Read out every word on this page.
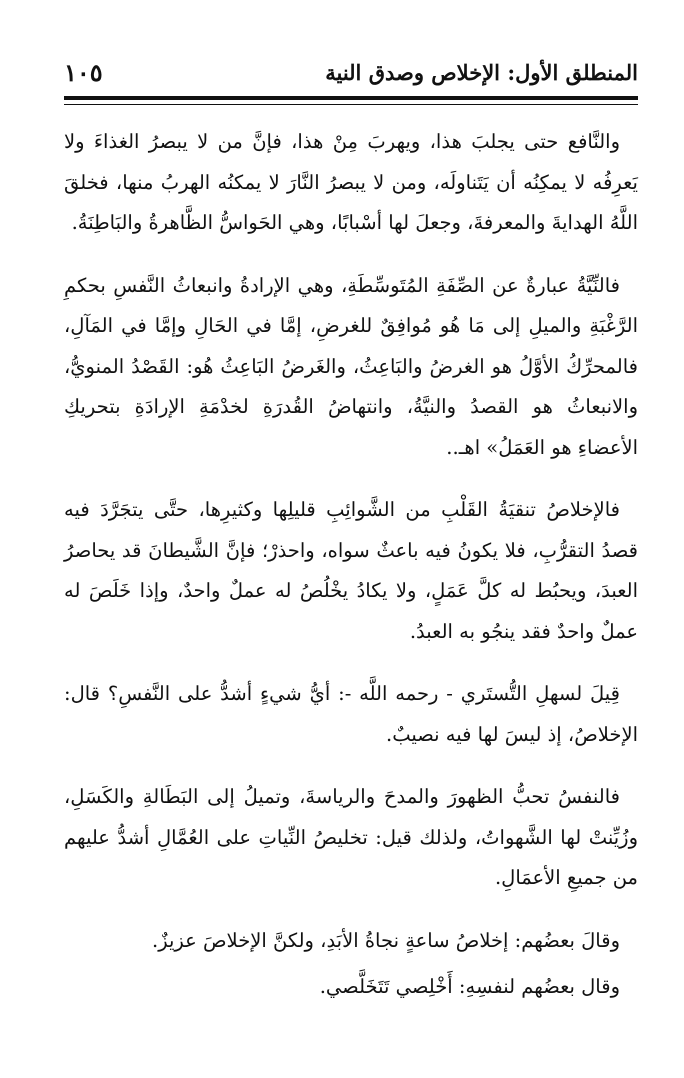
المنطلق الأول: الإخلاص وصدق النية
١٠٥

والنَّافع حتى يجلبَ هذا، ويهربَ مِنْ هذا، فإنَّ من لا يبصرُ الغذاءَ ولا يَعرِفُه لا يمكِنُه أن يَتَناولَه، ومن لا يبصرُ النَّارَ لا يمكنُه الهربُ منها، فخلقَ اللَّهُ الهدايةَ والمعرفةَ، وجعلَ لها أسْبابًا، وهي الحَواسُّ الظَّاهرةُ والبَاطِنَةُ.

فالنِّيَّةُ عبارةٌ عن الصِّفَةِ المُتَوسِّطَةِ، وهي الإرادةُ وانبعاثُ النَّفسِ بحكمِ الرَّغْبَةِ والميلِ إلى مَا هُو مُوافِقٌ للغرضِ، إمَّا في الحَالِ وإمَّا في المَآلِ، فالمحرِّكُ الأوَّلُ هو الغرضُ والبَاعِثُ، والغَرضُ البَاعِثُ هُو: القَصْدُ المنويُّ، والانبعاثُ هو القصدُ والنيَّةُ، وانتهاضُ القُدرَةِ لخدْمَةِ الإرادَةِ بتحريكِ الأعضاءِ هو العَمَلُ» اهـ..

فالإخلاصُ تنقيَةُ القَلْبِ من الشَّوائِبِ قليلِها وكثيرِها، حتَّى يتجَرَّدَ فيه قصدُ التقرُّبِ، فلا يكونُ فيه باعثٌ سواه، واحذرْ؛ فإنَّ الشَّيطانَ قد يحاصرُ العبدَ، ويحبُط له كلَّ عَمَلٍ، ولا يكادُ يخْلُصُ له عملٌ واحدٌ، وإذا خَلَصَ له عملٌ واحدٌ فقد ينجُو به العبدُ.

قِيلَ لسهلِ التُّستَري - رحمه اللَّه -: أيُّ شيءٍ أشدُّ على النَّفسِ؟ قال: الإخلاصُ، إذ ليسَ لها فيه نصيبٌ.

فالنفسُ تحبُّ الظهورَ والمدحَ والرياسةَ، وتميلُ إلى البَطَالةِ والكَسَلِ، وزُيِّنتْ لها الشَّهواتُ، ولذلك قيل: تخليصُ النِّياتِ على العُمَّالِ أشدُّ عليهم من جميعِ الأعمَالِ.

وقالَ بعضُهم: إخلاصُ ساعةٍ نجاةُ الأبَدِ، ولكنَّ الإخلاصَ عزيزٌ.

وقال بعضُهم لنفسِهِ: أَخْلِصي تَتَخَلَّصي.
